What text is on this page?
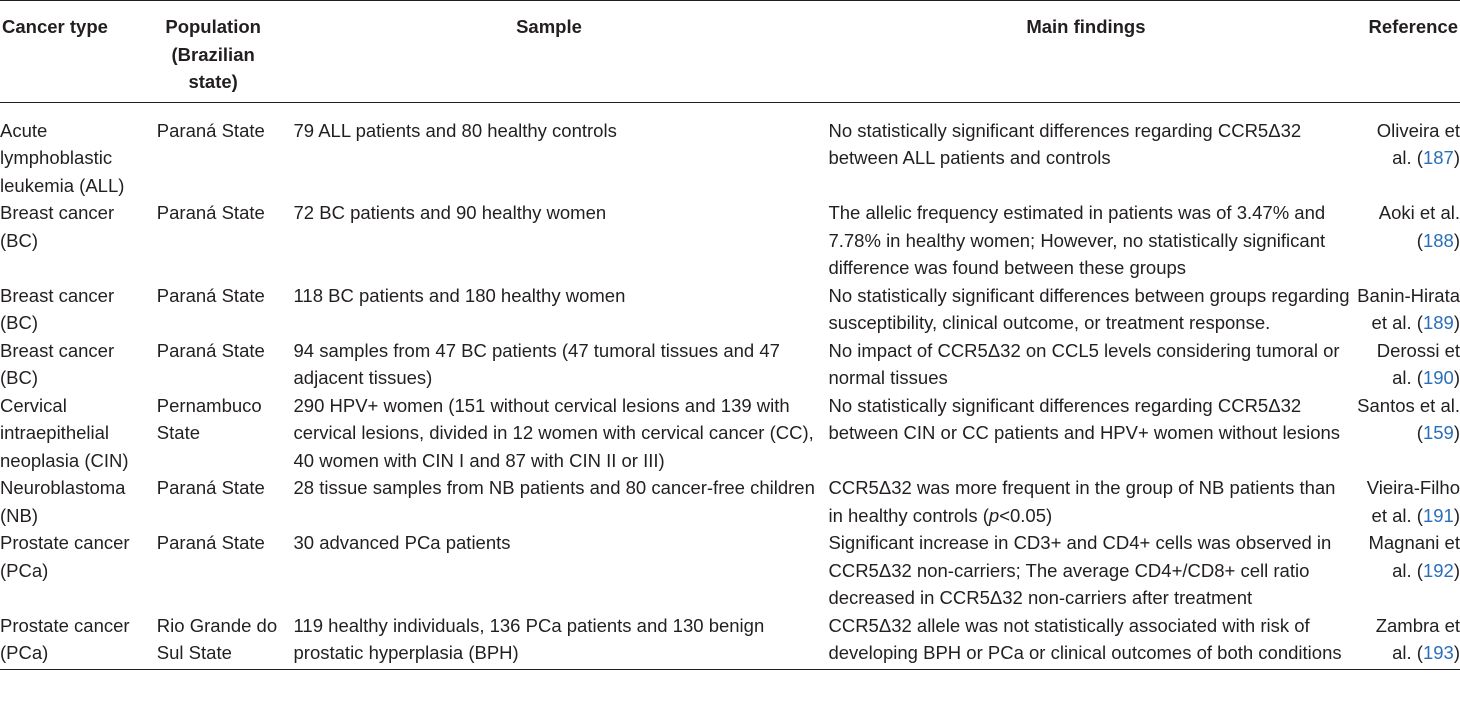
Cancer type	Population (Brazilian state)	Sample	Main findings	Reference
Acute lymphoblastic leukemia (ALL)	Paraná State	79 ALL patients and 80 healthy controls	No statistically significant differences regarding CCR5Δ32 between ALL patients and controls	Oliveira et al. (187)
Breast cancer (BC)	Paraná State	72 BC patients and 90 healthy women	The allelic frequency estimated in patients was of 3.47% and 7.78% in healthy women; However, no statistically significant difference was found between these groups	Aoki et al. (188)
Breast cancer (BC)	Paraná State	118 BC patients and 180 healthy women	No statistically significant differences between groups regarding susceptibility, clinical outcome, or treatment response.	Banin-Hirata et al. (189)
Breast cancer (BC)	Paraná State	94 samples from 47 BC patients (47 tumoral tissues and 47 adjacent tissues)	No impact of CCR5Δ32 on CCL5 levels considering tumoral or normal tissues	Derossi et al. (190)
Cervical intraepithelial neoplasia (CIN)	Pernambuco State	290 HPV+ women (151 without cervical lesions and 139 with cervical lesions, divided in 12 women with cervical cancer (CC), 40 women with CIN I and 87 with CIN II or III)	No statistically significant differences regarding CCR5Δ32 between CIN or CC patients and HPV+ women without lesions	Santos et al. (159)
Neuroblastoma (NB)	Paraná State	28 tissue samples from NB patients and 80 cancer-free children	CCR5Δ32 was more frequent in the group of NB patients than in healthy controls (p<0.05)	Vieira-Filho et al. (191)
Prostate cancer (PCa)	Paraná State	30 advanced PCa patients	Significant increase in CD3+ and CD4+ cells was observed in CCR5Δ32 non-carriers; The average CD4+/CD8+ cell ratio decreased in CCR5Δ32 non-carriers after treatment	Magnani et al. (192)
Prostate cancer (PCa)	Rio Grande do Sul State	119 healthy individuals, 136 PCa patients and 130 benign prostatic hyperplasia (BPH)	CCR5Δ32 allele was not statistically associated with risk of developing BPH or PCa or clinical outcomes of both conditions	Zambra et al. (193)
